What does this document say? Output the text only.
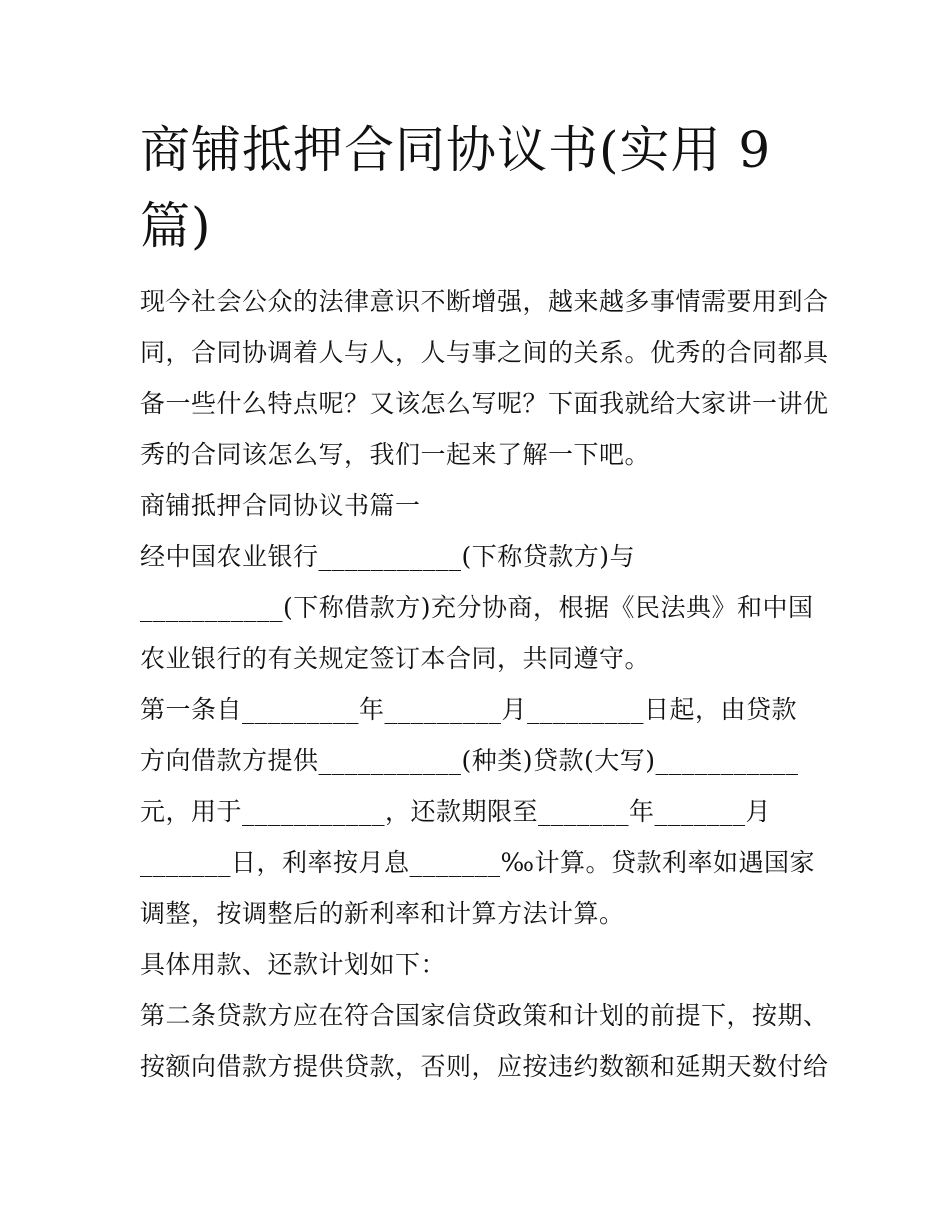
商铺抵押合同协议书(实用 9
篇)
现今社会公众的法律意识不断增强，越来越多事情需要用到合
同，合同协调着人与人，人与事之间的关系。优秀的合同都具
备一些什么特点呢？又该怎么写呢？下面我就给大家讲一讲优
秀的合同该怎么写，我们一起来了解一下吧。
商铺抵押合同协议书篇一
经中国农业银行___________(下称贷款方)与
___________(下称借款方)充分协商，根据《民法典》和中国
农业银行的有关规定签订本合同，共同遵守。
第一条自_________年_________月_________日起，由贷款
方向借款方提供___________(种类)贷款(大写)___________
元，用于___________，还款期限至_______年_______月
_______日，利率按月息_______‰计算。贷款利率如遇国家
调整，按调整后的新利率和计算方法计算。
具体用款、还款计划如下：
第二条贷款方应在符合国家信贷政策和计划的前提下，按期、
按额向借款方提供贷款，否则，应按违约数额和延期天数付给
